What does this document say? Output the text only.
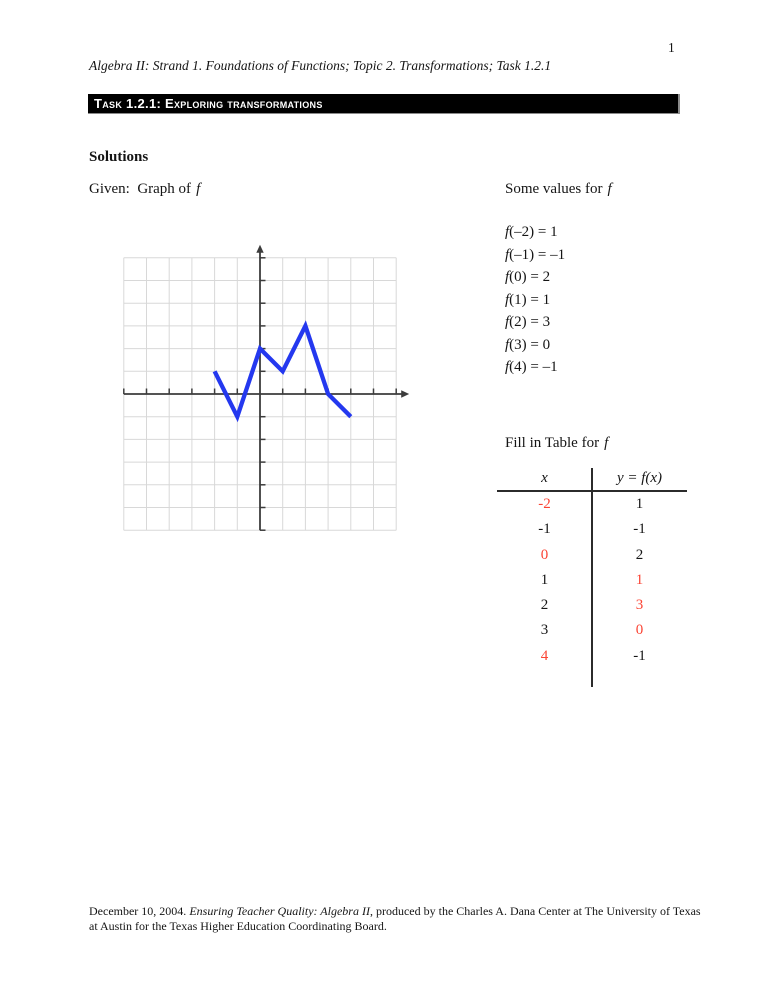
1
Algebra II: Strand 1. Foundations of Functions; Topic 2. Transformations; Task 1.2.1
Task 1.2.1: Exploring transformations
Solutions
Given:  Graph of f	Some values for f
f(–2) = 1
f(–1) = –1
f(0) = 2
f(1) = 1
f(2) = 3
f(3) = 0
f(4) = –1
Fill in Table for f
x	y = f(x)
-2	1
-1	-1
0	2
1	1
2	3
3	0
4	-1
December 10, 2004. Ensuring Teacher Quality: Algebra II, produced by the Charles A. Dana Center at The University of Texas
at Austin for the Texas Higher Education Coordinating Board.
